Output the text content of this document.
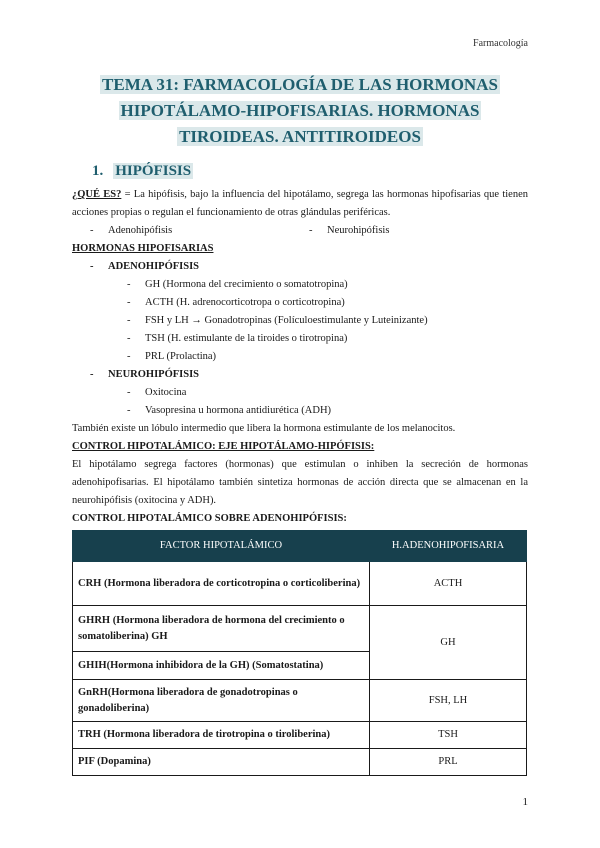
Farmacología
TEMA 31: FARMACOLOGÍA DE LAS HORMONAS
HIPOTÁLAMO-HIPOFISARIAS. HORMONAS
TIROIDEAS. ANTITIROIDEOS
1. HIPÓFISIS
¿QUÉ ES? = La hipófisis, bajo la influencia del hipotálamo, segrega las hormonas hipofisarias que tienen acciones propias o regulan el funcionamiento de otras glándulas periféricas.
- Adenohipófisis	- Neurohipófisis
HORMONAS HIPOFISARIAS
- ADENOHIPÓFISIS
- GH (Hormona del crecimiento o somatotropina)
- ACTH (H. adrenocorticotropa o corticotropina)
- FSH y LH → Gonadotropinas (Folículoestimulante y Luteinizante)
- TSH (H. estimulante de la tiroides o tirotropina)
- PRL (Prolactina)
- NEUROHIPÓFISIS
- Oxitocina
- Vasopresina u hormona antidiurética (ADH)
También existe un lóbulo intermedio que libera la hormona estimulante de los melanocitos.
CONTROL HIPOTALÁMICO: EJE HIPOTÁLAMO-HIPÓFISIS:
El hipotálamo segrega factores (hormonas) que estimulan o inhiben la secreción de hormonas adenohipofisarias. El hipotálamo también sintetiza hormonas de acción directa que se almacenan en la neurohipófisis (oxitocina y ADH).
CONTROL HIPOTALÁMICO SOBRE ADENOHIPÓFISIS:
FACTOR HIPOTALÁMICO	H.ADENOHIPOFISARIA
CRH (Hormona liberadora de corticotropina o corticoliberina)	ACTH
GHRH (Hormona liberadora de hormona del crecimiento o somatoliberina) GH	GH
GHIH(Hormona inhibidora de la GH) (Somatostatina)	
GnRH(Hormona liberadora de gonadotropinas o gonadoliberina)	FSH, LH
TRH (Hormona liberadora de tirotropina o tiroliberina)	TSH
PIF (Dopamina)	PRL
1
